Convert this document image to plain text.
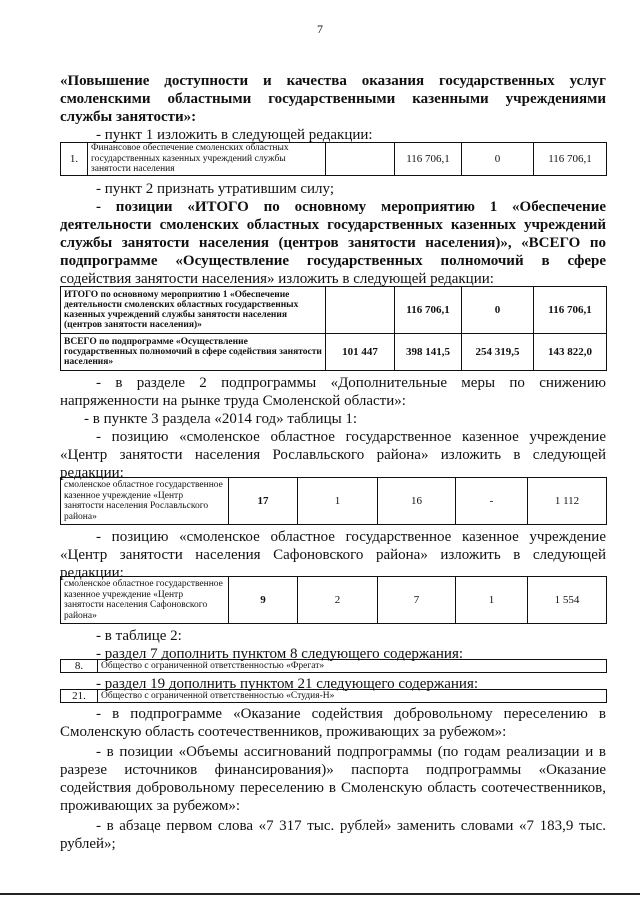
7
«Повышение доступности и качества оказания государственных услуг
смоленскими областными государственными казенными учреждениями
службы занятости»:
- пункт 1 изложить в следующей редакции:
1.	Финансовое обеспечение смоленских областных государственных казенных учреждений службы занятости населения		116 706,1	0	116 706,1
- пункт 2 признать утратившим силу;
- позиции «ИТОГО по основному мероприятию 1 «Обеспечение
деятельности смоленских областных государственных казенных учреждений
службы занятости населения (центров занятости населения)», «ВСЕГО по
подпрограмме «Осуществление государственных полномочий в сфере
содействия занятости населения» изложить в следующей редакции:
ИТОГО по основному мероприятию 1 «Обеспечение деятельности смоленских областных государственных казенных учреждений службы занятости населения (центров занятости населения)»		116 706,1	0	116 706,1
ВСЕГО по подпрограмме «Осуществление государственных полномочий в сфере содействия занятости населения»	101 447	398 141,5	254 319,5	143 822,0
- в разделе 2 подпрограммы «Дополнительные меры по снижению
напряженности на рынке труда Смоленской области»:
- в пункте 3 раздела «2014 год» таблицы 1:
- позицию «смоленское областное государственное казенное учреждение
«Центр занятости населения Рославльского района» изложить в следующей
редакции:
смоленское областное государственное казенное учреждение «Центр занятости населения Рославльского района»	17	1	16	-	1 112
- позицию «смоленское областное государственное казенное учреждение
«Центр занятости населения Сафоновского района» изложить в следующей
редакции:
смоленское областное государственное казенное учреждение «Центр занятости населения Сафоновского района»	9	2	7	1	1 554
- в таблице 2:
- раздел 7 дополнить пунктом 8 следующего содержания:
8.	Общество с ограниченной ответственностью «Фрегат»
- раздел 19 дополнить пунктом 21 следующего содержания:
21.	Общество с ограниченной ответственностью «Студия-Н»
- в подпрограмме «Оказание содействия добровольному переселению в
Смоленскую область соотечественников, проживающих за рубежом»:
- в позиции «Объемы ассигнований подпрограммы (по годам реализации и в
разрезе источников финансирования)» паспорта подпрограммы «Оказание
содействия добровольному переселению в Смоленскую область соотечественников,
проживающих за рубежом»:
- в абзаце первом слова «7 317 тыс. рублей» заменить словами «7 183,9 тыс.
рублей»;
